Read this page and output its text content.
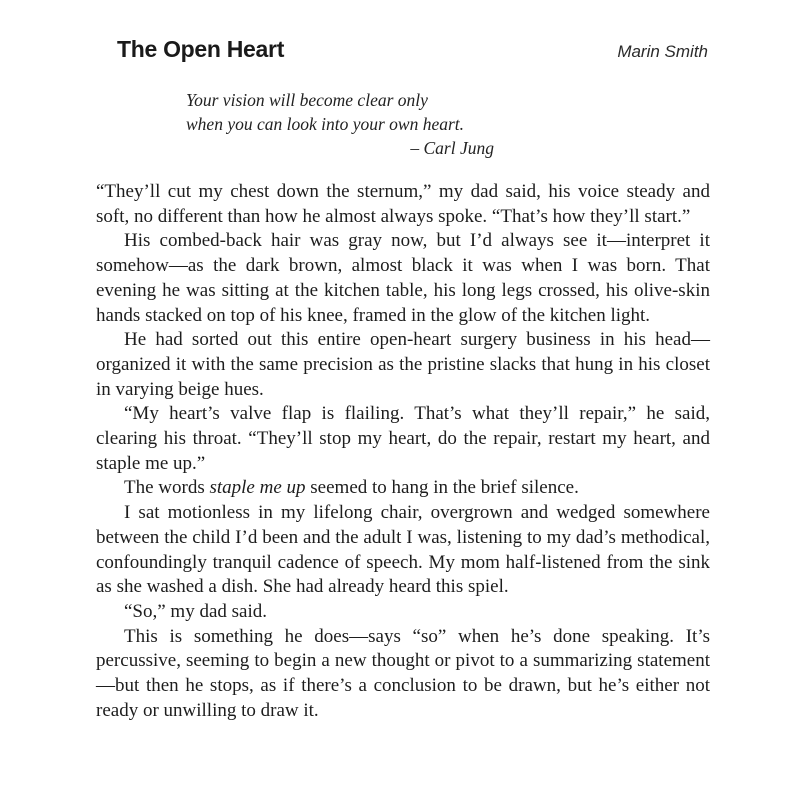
The Open Heart	Marin Smith
Your vision will become clear only
when you can look into your own heart.
– Carl Jung

“They’ll cut my chest down the sternum,” my dad said, his voice steady and soft, no different than how he almost always spoke. “That’s how they’ll start.”

His combed-back hair was gray now, but I’d always see it—interpret it somehow—as the dark brown, almost black it was when I was born. That evening he was sitting at the kitchen table, his long legs crossed, his olive-skin hands stacked on top of his knee, framed in the glow of the kitchen light.

He had sorted out this entire open-heart surgery business in his head—organized it with the same precision as the pristine slacks that hung in his closet in varying beige hues.

“My heart’s valve flap is flailing. That’s what they’ll repair,” he said, clearing his throat. “They’ll stop my heart, do the repair, restart my heart, and staple me up.”

The words staple me up seemed to hang in the brief silence.

I sat motionless in my lifelong chair, overgrown and wedged somewhere between the child I’d been and the adult I was, listening to my dad’s methodical, confoundingly tranquil cadence of speech. My mom half-listened from the sink as she washed a dish. She had already heard this spiel.

“So,” my dad said.

This is something he does—says “so” when he’s done speaking. It’s percussive, seeming to begin a new thought or pivot to a summarizing statement—but then he stops, as if there’s a conclusion to be drawn, but he’s either not ready or unwilling to draw it.
